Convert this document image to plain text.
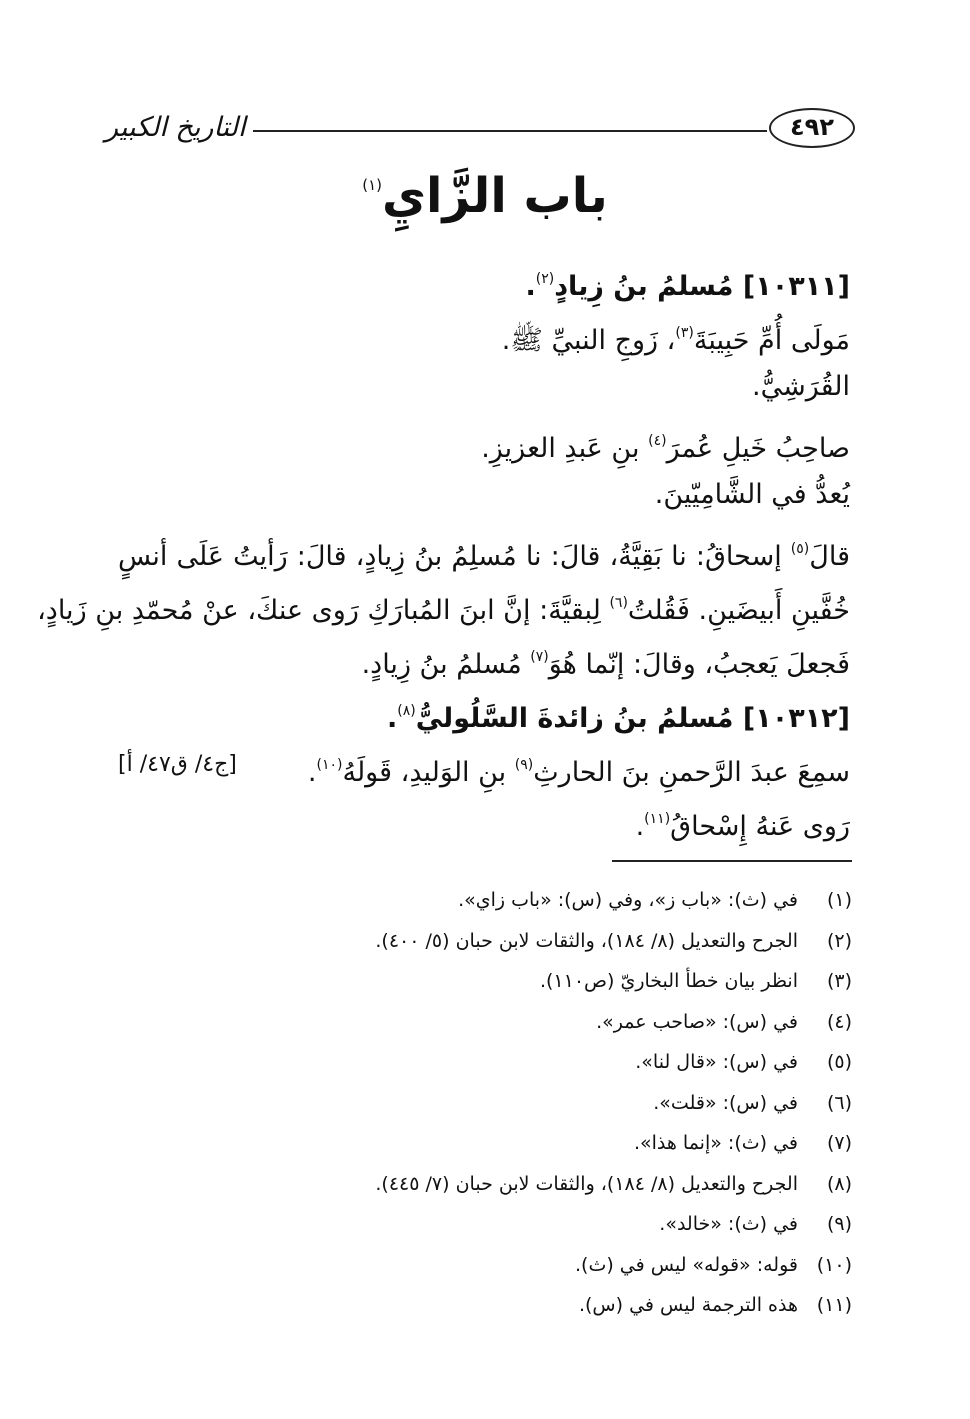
التاريخ الكبير	٤٩٢
باب الزَّايِ$^{(١)}$
[١٠٣١١] مُسلمُ بنُ زِيادٍ$^{(٢)}$.
مَولَى أُمِّ حَبِيبَةَ$^{(٣)}$، زَوجِ النبيِّ ﷺ.
القُرَشِيُّ.
صاحِبُ خَيلِ عُمرَ$^{(٤)}$ بنِ عَبدِ العزيزِ.
يُعدُّ في الشَّامِيّينَ.
قالَ$^{(٥)}$ إسحاقُ: نا بَقِيَّةُ، قالَ: نا مُسلِمُ بنُ زِيادٍ، قالَ: رَأيتُ عَلَى أنسٍ
خُفَّينِ أَبيضَينِ. فَقُلتُ$^{(٦)}$ لِبقيَّةَ: إنَّ ابنَ المُبارَكِ رَوى عنكَ، عنْ مُحمّدِ بنِ زَيادٍ،
فَجعلَ يَعجبُ، وقالَ: إنّما هُوَ$^{(٧)}$ مُسلمُ بنُ زِيادٍ.
[١٠٣١٢] مُسلمُ بنُ زائدةَ السَّلُوليُّ$^{(٨)}$.
[ج٤/ ق٤٧/ أ]	سمِعَ عبدَ الرَّحمنِ بنَ الحارثِ$^{(٩)}$ بنِ الوَليدِ، قَولَهُ$^{(١٠)}$.
رَوى عَنهُ إِسْحاقُ$^{(١١)}$.
(١)في (ث): «باب ز»، وفي (س): «باب زاي».
(٢)الجرح والتعديل (٨/ ١٨٤)، والثقات لابن حبان (٥/ ٤٠٠).
(٣)انظر بيان خطأ البخاريّ (ص١١٠).
(٤)في (س): «صاحب عمر».
(٥)في (س): «قال لنا».
(٦)في (س): «قلت».
(٧)في (ث): «إنما هذا».
(٨)الجرح والتعديل (٨/ ١٨٤)، والثقات لابن حبان (٧/ ٤٤٥).
(٩)في (ث): «خالد».
(١٠)قوله: «قوله» ليس في (ث).
(١١)هذه الترجمة ليس في (س).
